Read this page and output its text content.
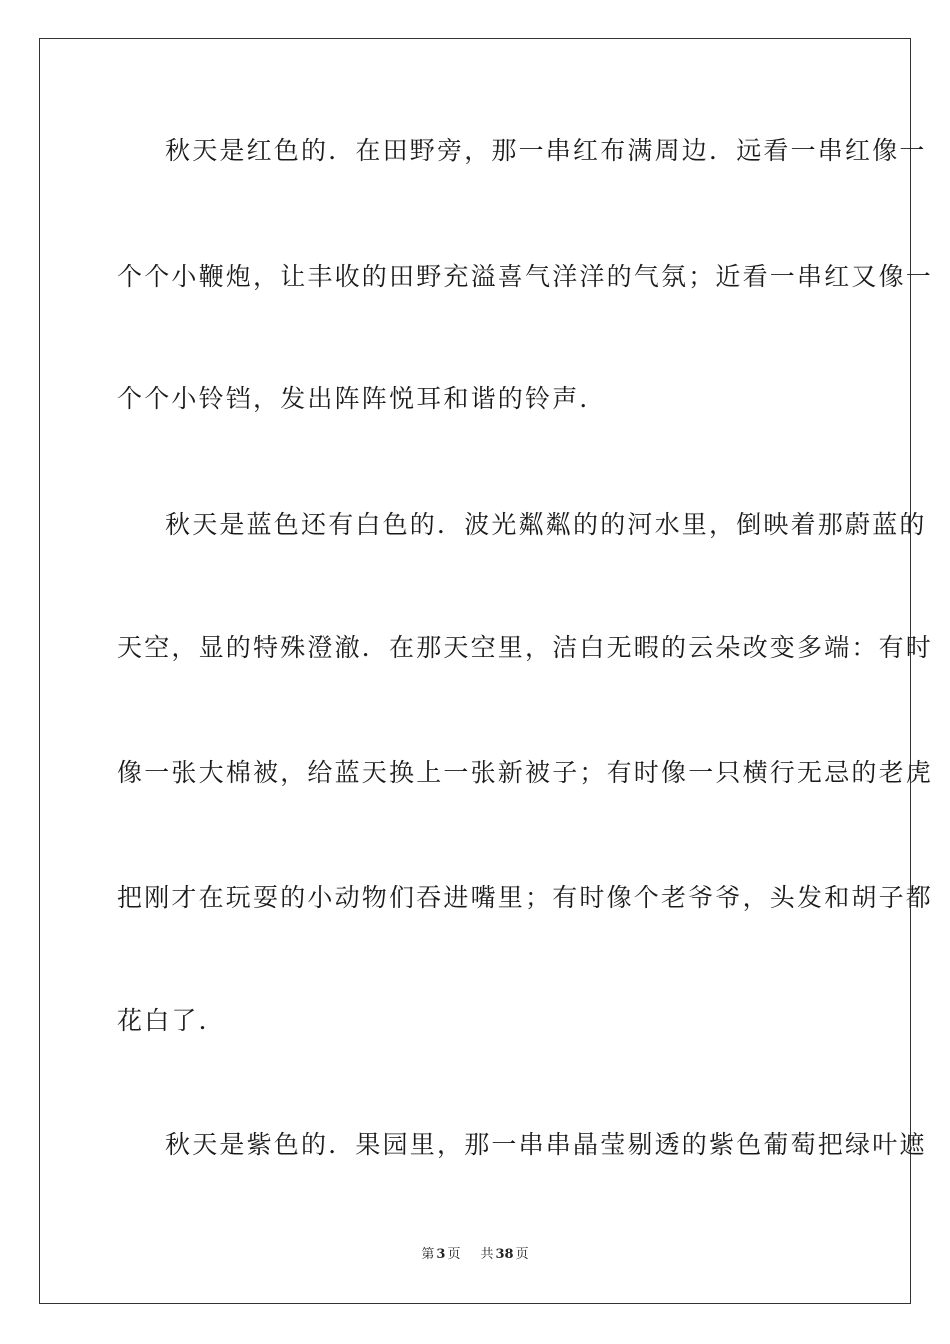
秋天是红色的．在田野旁，那一串红布满周边．远看一串红像一
个个小鞭炮，让丰收的田野充溢喜气洋洋的气氛；近看一串红又像一
个个小铃铛，发出阵阵悦耳和谐的铃声．
秋天是蓝色还有白色的．波光粼粼的的河水里，倒映着那蔚蓝的
天空，显的特殊澄澈．在那天空里，洁白无暇的云朵改变多端：有时
像一张大棉被，给蓝天换上一张新被子；有时像一只横行无忌的老虎
把刚才在玩耍的小动物们吞进嘴里；有时像个老爷爷，头发和胡子都
花白了．
秋天是紫色的．果园里，那一串串晶莹剔透的紫色葡萄把绿叶遮
第 3 页 共 38 页
